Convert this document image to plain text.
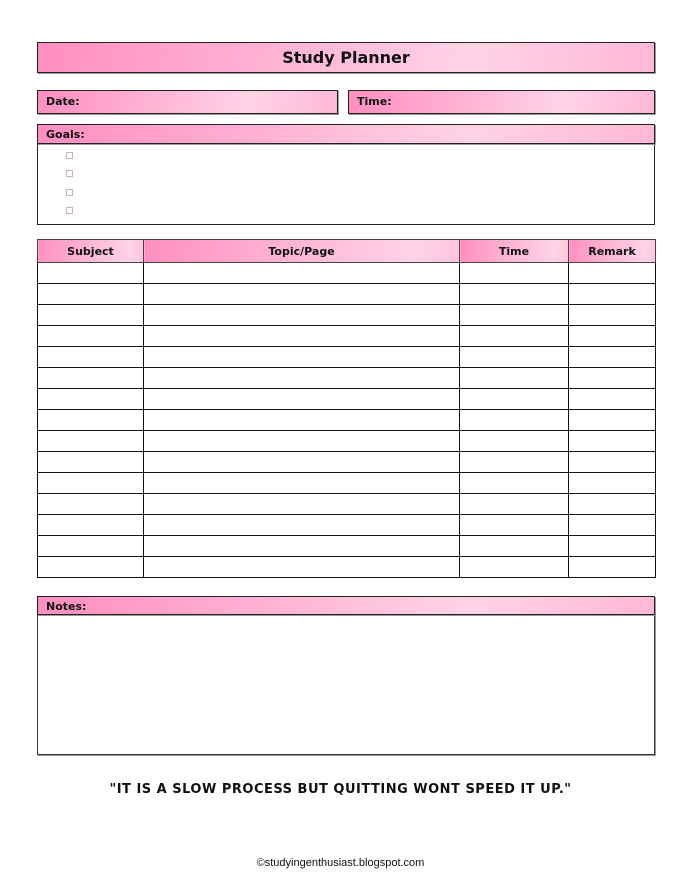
Study Planner
Date:	Time:
Goals:
Subject	Topic/Page	Time	Remark

Notes:
"IT IS A SLOW PROCESS BUT QUITTING WONT SPEED IT UP."
©studyingenthusiast.blogspot.com
